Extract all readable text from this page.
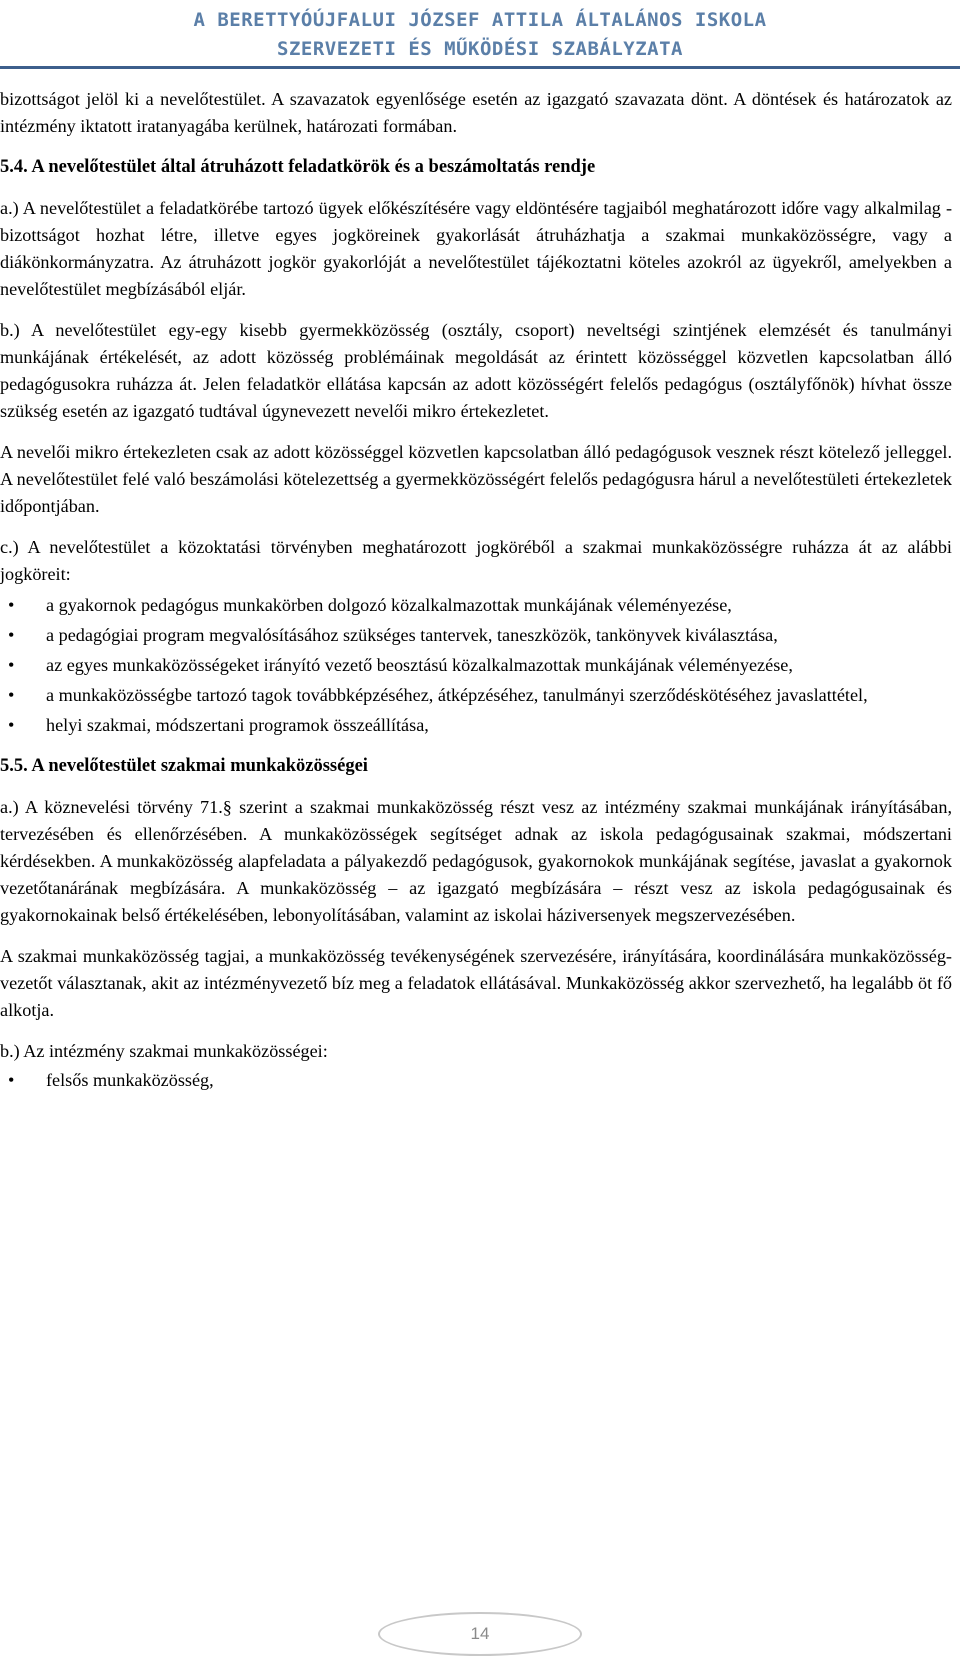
A BERETTYÓÚJFALUI JÓZSEF ATTILA ÁLTALÁNOS ISKOLA
SZERVEZETI ÉS MŰKÖDÉSI SZABÁLYZATA

bizottságot jelöl ki a nevelőtestület. A szavazatok egyenlősége esetén az igazgató szavazata dönt. A döntések és határozatok az intézmény iktatott iratanyagába kerülnek, határozati formában.

5.4. A nevelőtestület által átruházott feladatkörök és a beszámoltatás rendje

a.) A nevelőtestület a feladatkörébe tartozó ügyek előkészítésére vagy eldöntésére tagjaiból meghatározott időre vagy alkalmilag - bizottságot hozhat létre, illetve egyes jogköreinek gyakorlását átruházhatja a szakmai munkaközösségre, vagy a diákönkormányzatra. Az átruházott jogkör gyakorlóját a nevelőtestület tájékoztatni köteles azokról az ügyekről, amelyekben a nevelőtestület megbízásából eljár.

b.) A nevelőtestület egy-egy kisebb gyermekközösség (osztály, csoport) neveltségi szintjének elemzését és tanulmányi munkájának értékelését, az adott közösség problémáinak megoldását az érintett közösséggel közvetlen kapcsolatban álló pedagógusokra ruházza át. Jelen feladatkör ellátása kapcsán az adott közösségért felelős pedagógus (osztályfőnök) hívhat össze szükség esetén az igazgató tudtával úgynevezett nevelői mikro értekezletet.

A nevelői mikro értekezleten csak az adott közösséggel közvetlen kapcsolatban álló pedagógusok vesznek részt kötelező jelleggel. A nevelőtestület felé való beszámolási kötelezettség a gyermekközösségért felelős pedagógusra hárul a nevelőtestületi értekezletek időpontjában.

c.) A nevelőtestület a közoktatási törvényben meghatározott jogköréből a szakmai munkaközösségre ruházza át az alábbi jogköreit:

• a gyakornok pedagógus munkakörben dolgozó közalkalmazottak munkájának véleményezése,
• a pedagógiai program megvalósításához szükséges tantervek, taneszközök, tankönyvek kiválasztása,
• az egyes munkaközösségeket irányító vezető beosztású közalkalmazottak munkájának véleményezése,
• a munkaközösségbe tartozó tagok továbbképzéséhez, átképzéséhez, tanulmányi szerződéskötéséhez javaslattétel,
• helyi szakmai, módszertani programok összeállítása,
5.5. A nevelőtestület szakmai munkaközösségei

a.) A köznevelési törvény 71.§ szerint a szakmai munkaközösség részt vesz az intézmény szakmai munkájának irányításában, tervezésében és ellenőrzésében. A munkaközösségek segítséget adnak az iskola pedagógusainak szakmai, módszertani kérdésekben. A munkaközösség alapfeladata a pályakezdő pedagógusok, gyakornokok munkájának segítése, javaslat a gyakornok vezetőtanárának megbízására. A munkaközösség – az igazgató megbízására – részt vesz az iskola pedagógusainak és gyakornokainak belső értékelésében, lebonyolításában, valamint az iskolai háziversenyek megszervezésében.

A szakmai munkaközösség tagjai, a munkaközösség tevékenységének szervezésére, irányítására, koordinálására munkaközösség-vezetőt választanak, akit az intézményvezető bíz meg a feladatok ellátásával. Munkaközösség akkor szervezhető, ha legalább öt fő alkotja.

b.) Az intézmény szakmai munkaközösségei:

• felsős munkaközösség,
14
